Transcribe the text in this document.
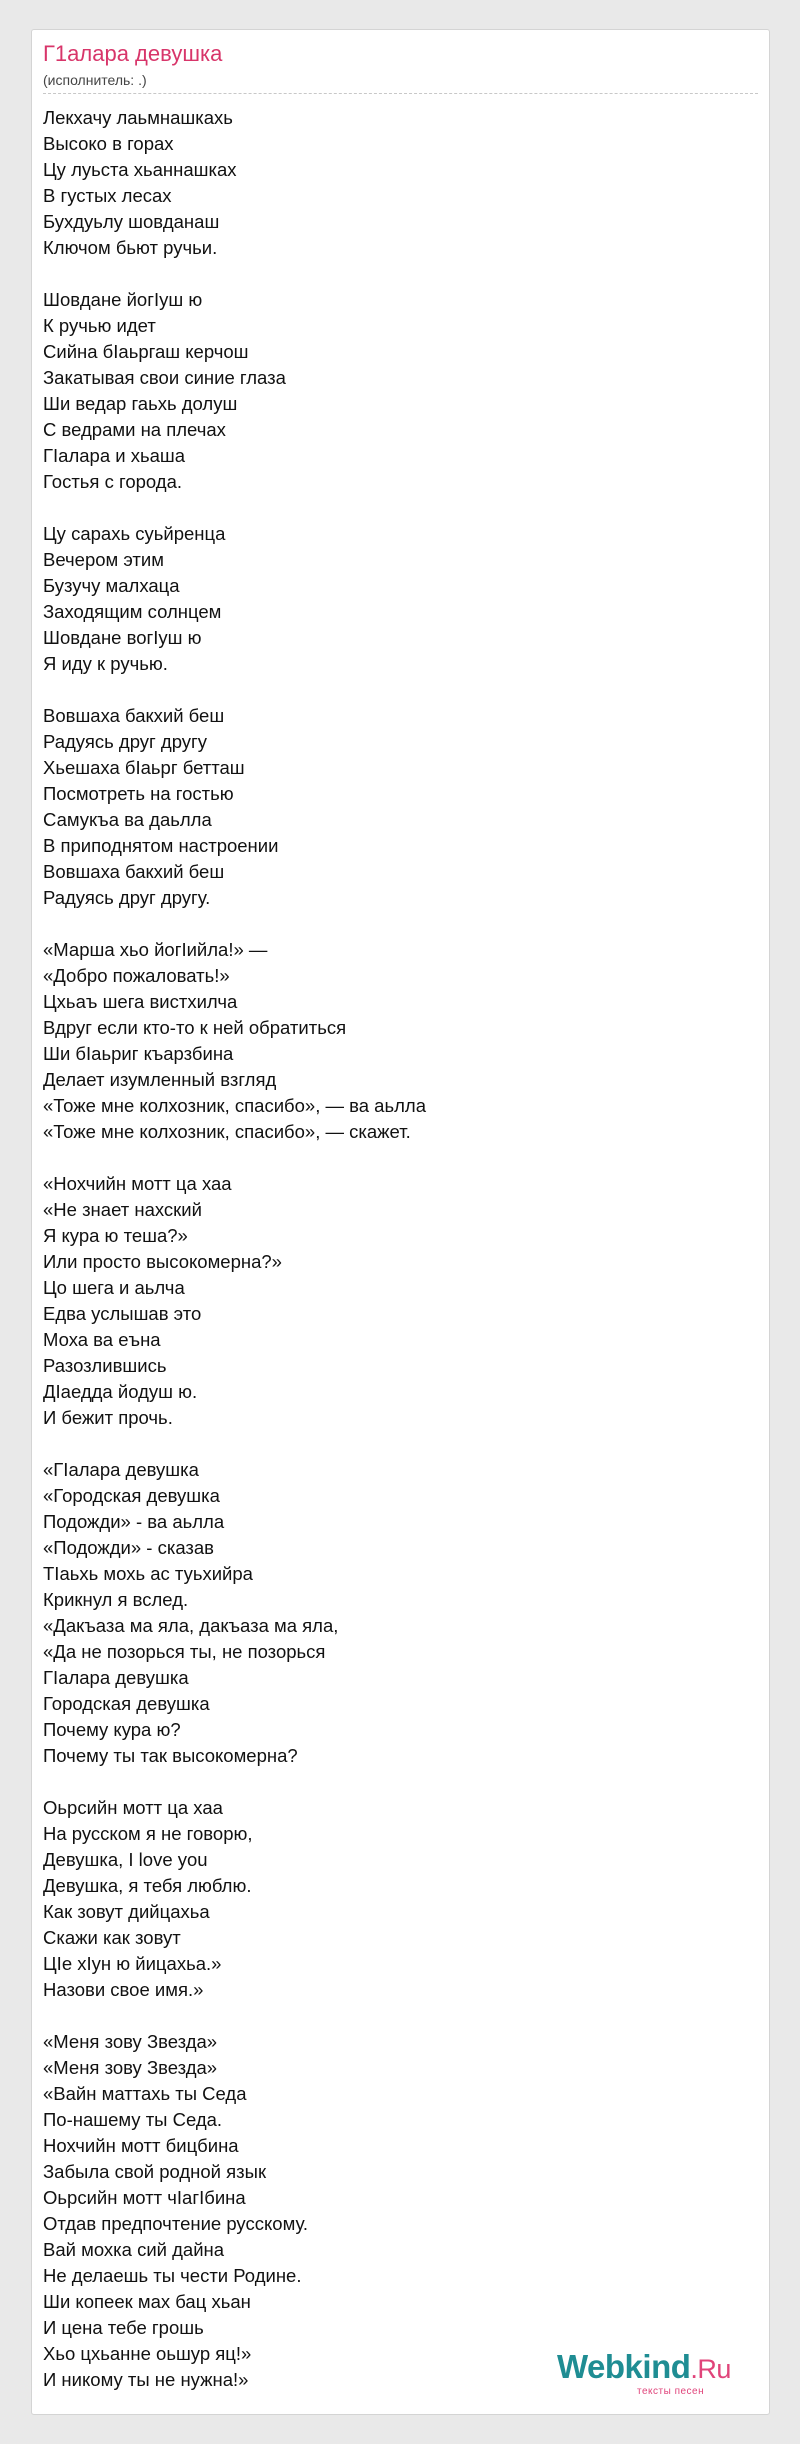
Г1алара девушка
(исполнитель: .)
Лекхачу лаьмнашкахь
Высоко в горах
Цу луьста хьаннашках
В густых лесах
Бухдуьлу шовданаш
Ключом бьют ручьи.
Шовдане йогIуш ю
К ручью идет
Сийна бIаьргаш керчош
Закатывая свои синие глаза
Ши ведар гаьхь долуш
С ведрами на плечах
ГIалара и хьаша
Гостья с города.
Цу сарахь суьйренца
Вечером этим
Бузучу малхаца
Заходящим солнцем
Шовдане вогIуш ю
Я иду к ручью.
Вовшаха бакхий беш
Радуясь друг другу
Хьешаха бIаьрг бетташ
Посмотреть на гостью
Самукъа ва даьлла
В приподнятом настроении
Вовшаха бакхий беш
Радуясь друг другу.
«Марша хьо йогIийла!» —
«Добро пожаловать!»
Цхьаъ шега вистхилча
Вдруг если кто-то к ней обратиться
Ши бIаьриг къарзбина
Делает изумленный взгляд
«Тоже мне колхозник, спасибо», — ва аьлла
«Тоже мне колхозник, спасибо», — скажет.
«Нохчийн мотт ца хаа
«Не знает нахский
Я кура ю теша?»
Или просто высокомерна?»
Цо шега и аьлча
Едва услышав это
Моха ва еъна
Разозлившись
ДIаедда йодуш ю.
И бежит прочь.
«ГIалара девушка
«Городская девушка
Подожди» - ва аьлла
«Подожди» - сказав
ТIаьхь мохь ас туьхийра
Крикнул я вслед.
«Дакъаза ма яла, дакъаза ма яла,
«Да не позорься ты, не позорься
ГIалара девушка
Городская девушка
Почему кура ю?
Почему ты так высокомерна?
Оьрсийн мотт ца хаа
На русском я не говорю,
Девушка, I love you
Девушка, я тебя люблю.
Как зовут дийцахьа
Скажи как зовут
ЦIе хIун ю йицахьа.»
Назови свое имя.»
«Меня зову Звезда»
«Меня зову Звезда»
«Вайн маттахь ты Седа
По-нашему ты Седа.
Нохчийн мотт бицбина
Забыла свой родной язык
Оьрсийн мотт чIагIбина
Отдав предпочтение русскому.
Вай мохка сий дайна
Не делаешь ты чести Родине.
Ши копеек мах бац хьан
И цена тебе грошь
Хьо цхьанне оьшур яц!»
И никому ты не нужна!»	Webkind.Ru
тексты песен
